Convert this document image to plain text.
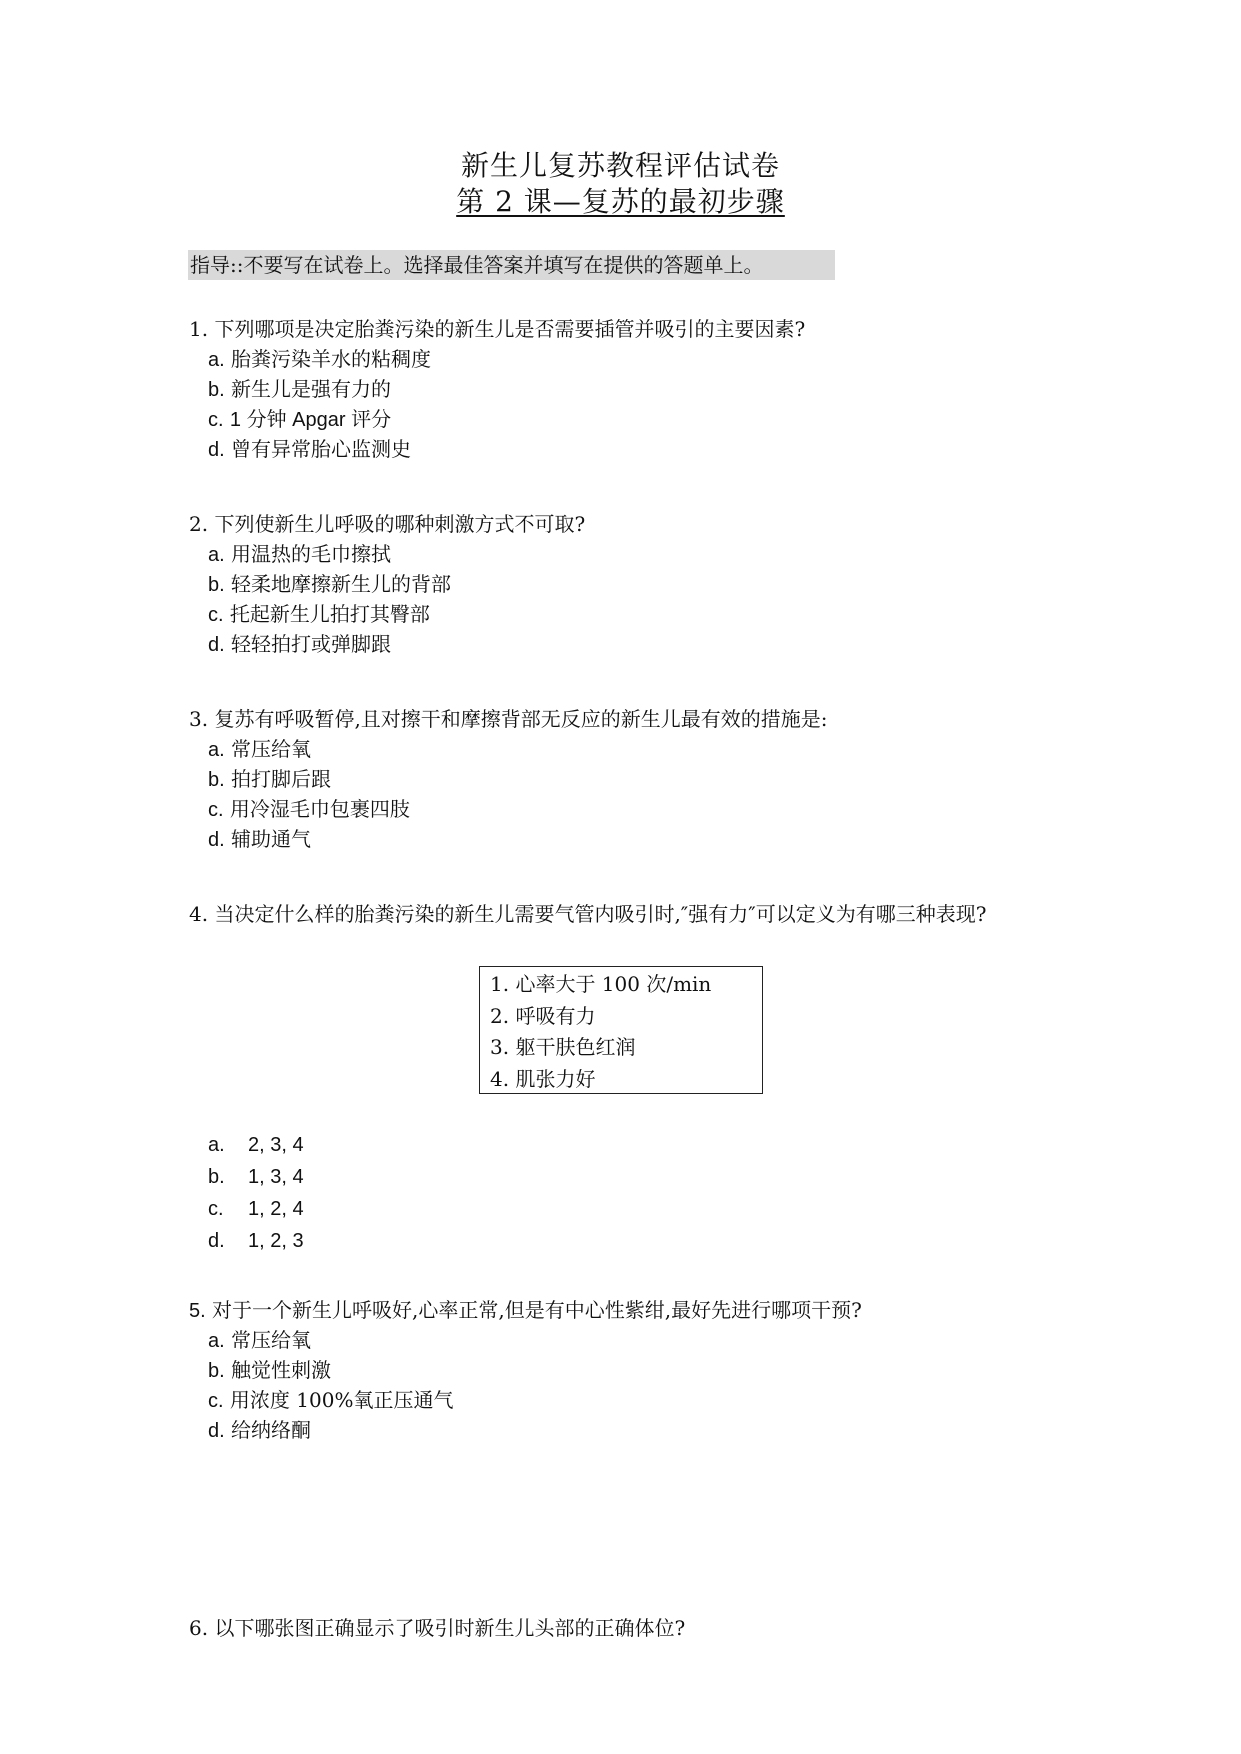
新生儿复苏教程评估试卷
第 2 课—复苏的最初步骤
指导::不要写在试卷上。选择最佳答案并填写在提供的答题单上。
1. 下列哪项是决定胎粪污染的新生儿是否需要插管并吸引的主要因素?
a. 胎粪污染羊水的粘稠度
b. 新生儿是强有力的
c. 1 分钟 Apgar 评分
d. 曾有异常胎心监测史
2. 下列使新生儿呼吸的哪种刺激方式不可取?
a. 用温热的毛巾擦拭
b. 轻柔地摩擦新生儿的背部
c. 托起新生儿拍打其臀部
d. 轻轻拍打或弹脚跟
3. 复苏有呼吸暂停,且对擦干和摩擦背部无反应的新生儿最有效的措施是:
a. 常压给氧
b. 拍打脚后跟
c. 用冷湿毛巾包裹四肢
d. 辅助通气
4. 当决定什么样的胎粪污染的新生儿需要气管内吸引时,″强有力″可以定义为有哪三种表现?
1. 心率大于 100 次/min
2. 呼吸有力
3. 躯干肤色红润
4. 肌张力好
a. 2, 3, 4
b. 1, 3, 4
c. 1, 2, 4
d. 1, 2, 3
5. 对于一个新生儿呼吸好,心率正常,但是有中心性紫绀,最好先进行哪项干预?
a. 常压给氧
b. 触觉性刺激
c. 用浓度 100%氧正压通气
d. 给纳络酮
6. 以下哪张图正确显示了吸引时新生儿头部的正确体位?
